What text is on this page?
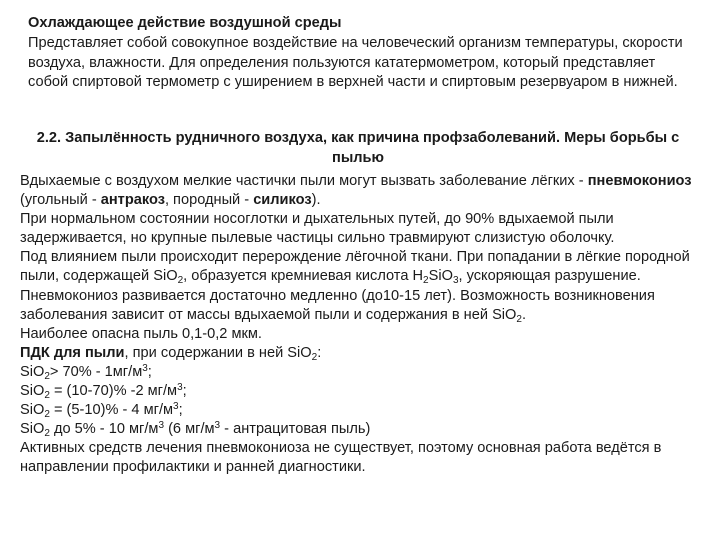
Охлаждающее действие воздушной среды
Представляет собой совокупное воздействие на человеческий организм температуры, скорости воздуха, влажности. Для определения пользуются кататермометром, который представляет собой спиртовой термометр с уширением в верхней части и спиртовым резервуаром в нижней.
2.2. Запылённость рудничного воздуха, как причина профзаболеваний. Меры борьбы с пылью

Вдыхаемые с воздухом мелкие частички пыли могут вызвать заболевание лёгких - пневмокониоз (угольный - антракоз, породный - силикоз).

При нормальном состоянии носоглотки и дыхательных путей, до 90% вдыхаемой пыли задерживается, но крупные пылевые частицы сильно травмируют слизистую оболочку.

Под влиянием пыли происходит перерождение лёгочной ткани. При попадании в лёгкие породной пыли, содержащей SiО$_2$, образуется кремниевая кислота $Н_2SiО_3$, ускоряющая разрушение.

Пневмокониоз развивается достаточно медленно (до10-15 лет). Возможность возникновения заболевания зависит от массы вдыхаемой пыли и содержания в ней SiО$_2$.

Наиболее опасна пыль 0,1-0,2 мкм.

ПДК для пыли, при содержании в ней SiО$_2$:

$SiО_2> 70\% - 1мг/м^3$;

SiО$_2$ = (10-70)% -2 $мг/м^3$;

SiО$_2$ = (5-10)% - 4 $мг/м^3$;

SiО$_2$ до 5% - 10 $мг/м^3$ (6 $мг/м^3$ - антрацитовая пыль)

Активных средств лечения пневмокониоза не существует, поэтому основная работа ведётся в направлении профилактики и ранней диагностики.
